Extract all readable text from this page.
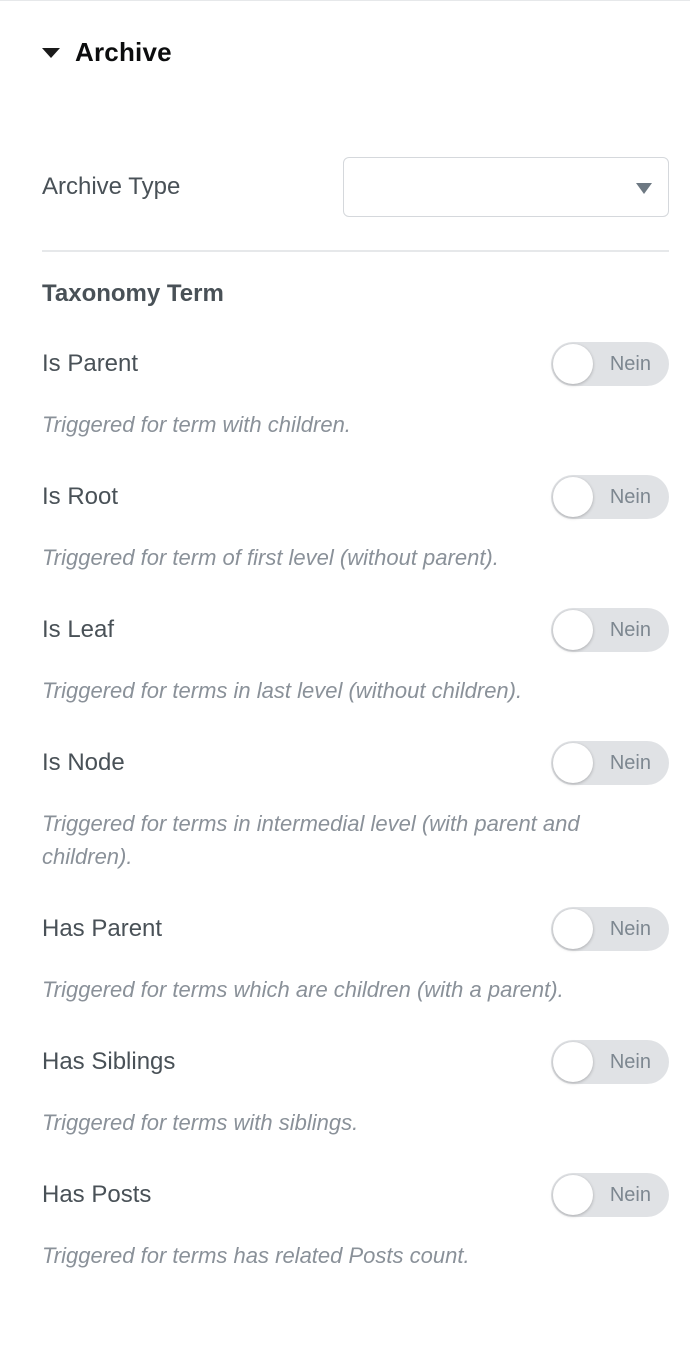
Archive
Archive Type
Taxonomy Term
Is Parent	Nein
Triggered for term with children.
Is Root	Nein
Triggered for term of first level (without parent).
Is Leaf	Nein
Triggered for terms in last level (without children).
Is Node	Nein
Triggered for terms in intermedial level (with parent and children).
Has Parent	Nein
Triggered for terms which are children (with a parent).
Has Siblings	Nein
Triggered for terms with siblings.
Has Posts	Nein
Triggered for terms has related Posts count.
